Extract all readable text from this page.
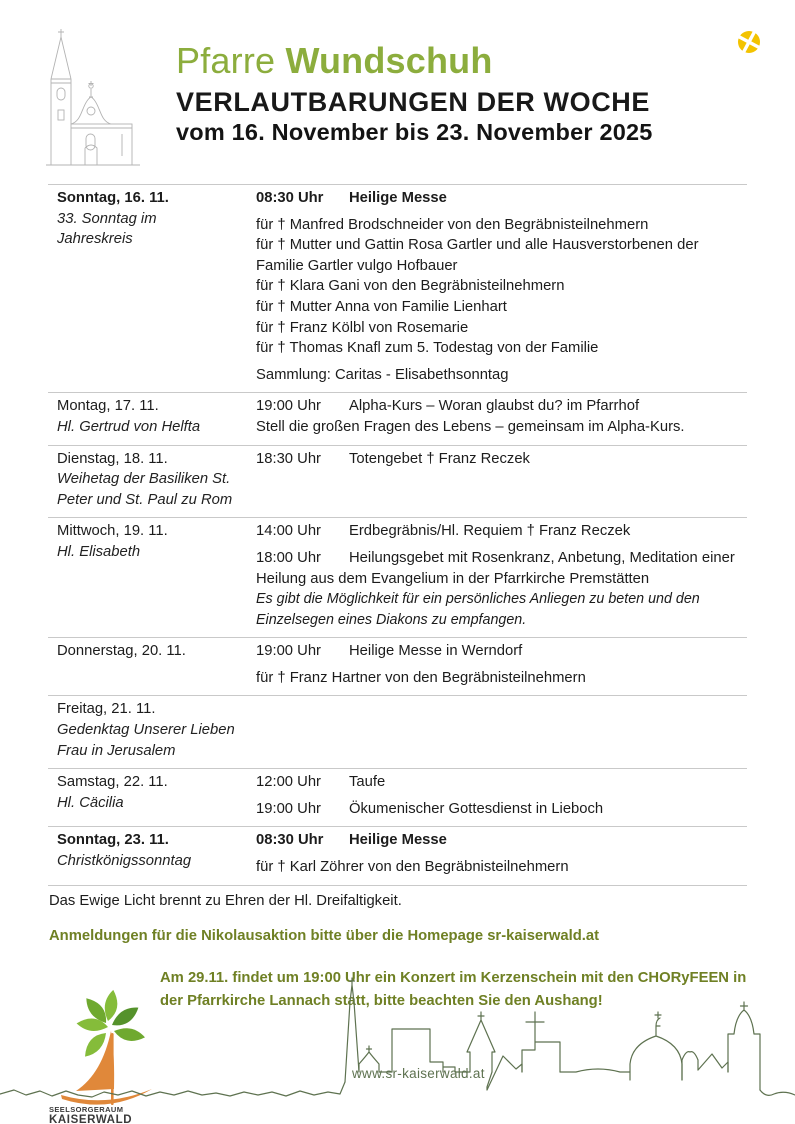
Pfarre Wundschuh
VERLAUTBARUNGEN DER WOCHE
vom 16. November bis 23. November 2025
Sonntag, 16. 11.
33. Sonntag im Jahreskreis

08:30 Uhr Heilige Messe

für † Manfred Brodschneider von den Begräbnisteilnehmern

für † Mutter und Gattin Rosa Gartler und alle Hausverstorbenen der Familie Gartler vulgo Hofbauer

für † Klara Gani von den Begräbnisteilnehmern

für † Mutter Anna von Familie Lienhart

für † Franz Kölbl von Rosemarie

für † Thomas Knafl zum 5. Todestag von der Familie

Sammlung: Caritas - Elisabethsonntag

Montag, 17. 11.
Hl. Gertrud von Helfta

19:00 Uhr Alpha-Kurs – Woran glaubst du? im Pfarrhof

Stell die großen Fragen des Lebens – gemeinsam im Alpha-Kurs.

Dienstag, 18. 11.
Weihetag der Basiliken St. Peter und St. Paul zu Rom

18:30 Uhr Totengebet † Franz Reczek

Mittwoch, 19. 11.
Hl. Elisabeth

14:00 Uhr Erdbegräbnis/Hl. Requiem † Franz Reczek

18:00 Uhr Heilungsgebet mit Rosenkranz, Anbetung, Meditation einer Heilung aus dem Evangelium in der Pfarrkirche Premstätten

Es gibt die Möglichkeit für ein persönliches Anliegen zu beten und den Einzelsegen eines Diakons zu empfangen.

Donnerstag, 20. 11.	19:00 Uhr Heilige Messe in Werndorf

für † Franz Hartner von den Begräbnisteilnehmern

Freitag, 21. 11.
Gedenktag Unserer Lieben Frau in Jerusalem
Samstag, 22. 11.
Hl. Cäcilia

12:00 Uhr Taufe

19:00 Uhr Ökumenischer Gottesdienst in Lieboch

Sonntag, 23. 11.
Christkönigssonntag

08:30 Uhr Heilige Messe

für † Karl Zöhrer von den Begräbnisteilnehmern

Das Ewige Licht brennt zu Ehren der Hl. Dreifaltigkeit.

Anmeldungen für die Nikolausaktion bitte über die Homepage sr-kaiserwald.at

Am 29.11. findet um 19:00 Uhr ein Konzert im Kerzenschein mit den CHORyFEEN in der Pfarrkirche Lannach statt, bitte beachten Sie den Aushang!

SEELSORGERAUM
KAISERWALD
www.sr-kaiserwald.at
